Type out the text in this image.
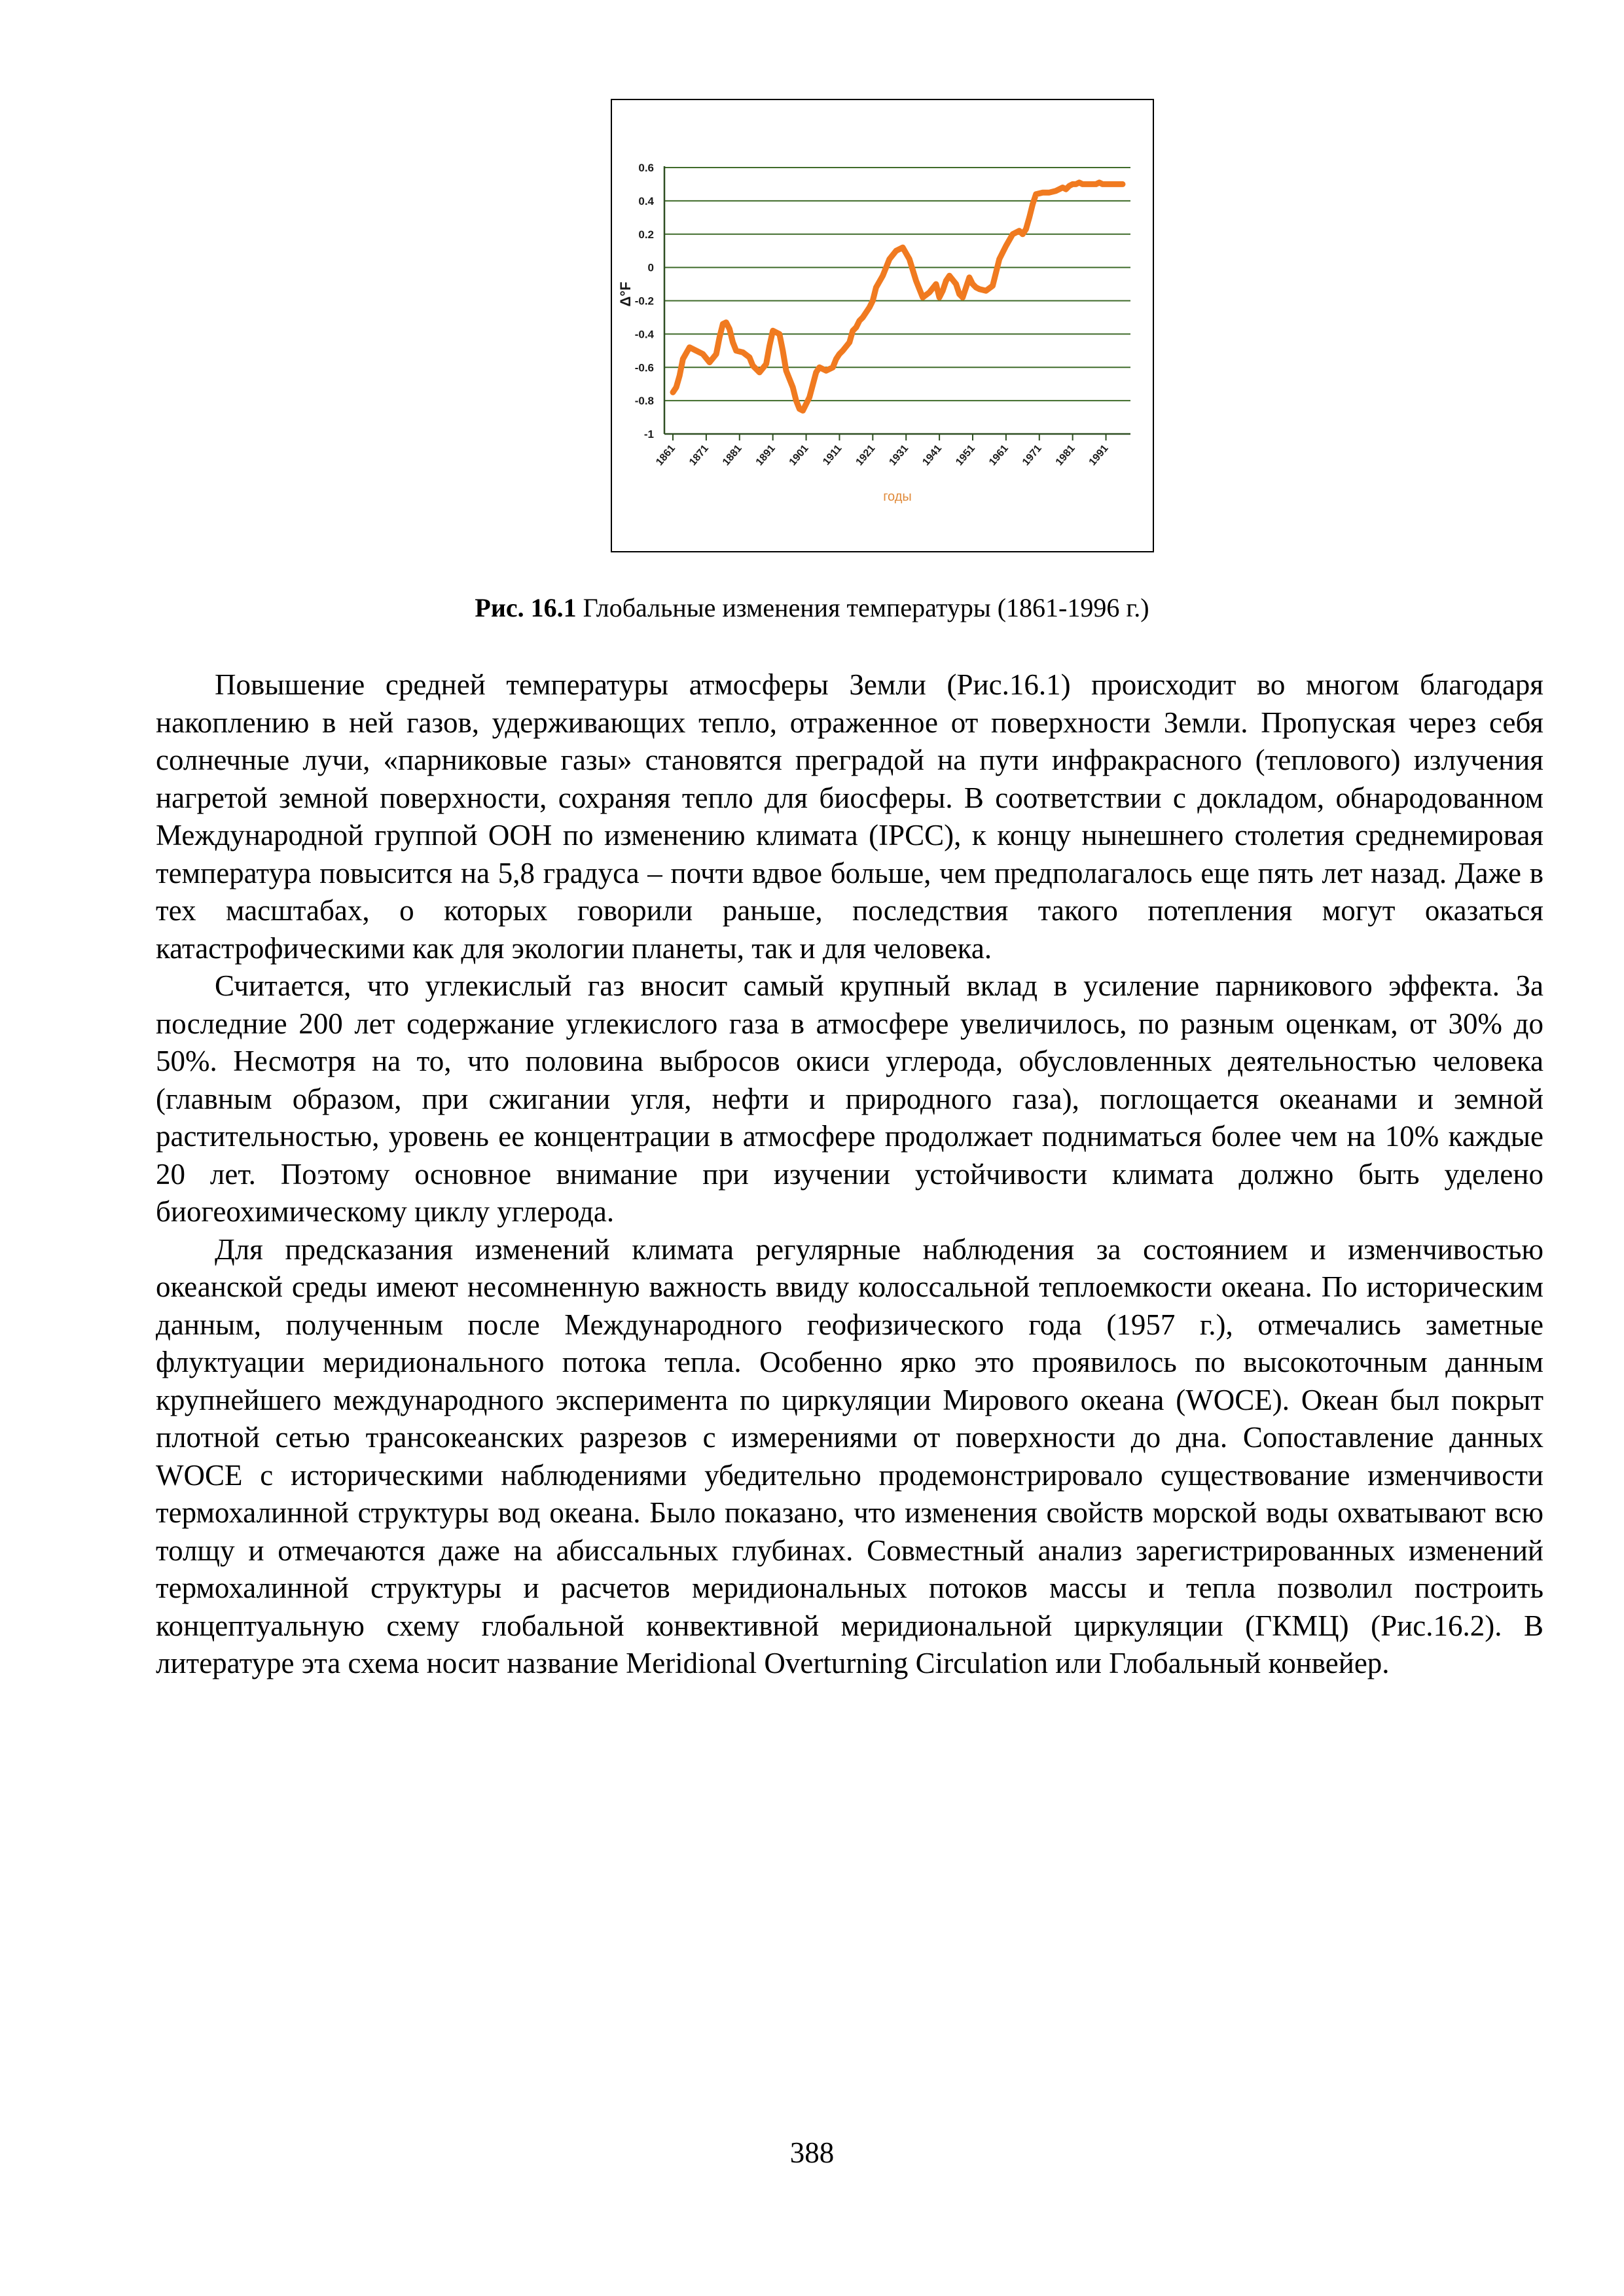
0.6
0.4
0.2
0
-0.2
-0.4
-0.6
-0.8
-1
1861 1871 1881 1891 1901 1911 1921 1931 1941 1951 1961 1971 1981 1991
Δ°F
годы
Рис. 16.1 Глобальные изменения температуры (1861-1996 г.)

Повышение средней температуры атмосферы Земли (Рис.16.1) происходит во многом благодаря накоплению в ней газов, удерживающих тепло, отраженное от поверхности Земли. Пропуская через себя солнечные лучи, «парниковые газы» становятся преградой на пути инфракрасного (теплового) излучения нагретой земной поверхности, сохраняя тепло для биосферы. В соответствии с докладом, обнародованном Международной группой ООН по изменению климата (IPCC), к концу нынешнего столетия среднемировая температура повысится на 5,8 градуса – почти вдвое больше, чем предполагалось еще пять лет назад. Даже в тех масштабах, о которых говорили раньше, последствия такого потепления могут оказаться катастрофическими как для экологии планеты, так и для человека.

Считается, что углекислый газ вносит самый крупный вклад в усиление парникового эффекта. За последние 200 лет содержание углекислого газа в атмосфере увеличилось, по разным оценкам, от 30% до 50%. Несмотря на то, что половина выбросов окиси углерода, обусловленных деятельностью человека (главным образом, при сжигании угля, нефти и природного газа), поглощается океанами и земной растительностью, уровень ее концентрации в атмосфере продолжает подниматься более чем на 10% каждые 20 лет. Поэтому основное внимание при изучении устойчивости климата должно быть уделено биогеохимическому циклу углерода.

Для предсказания изменений климата регулярные наблюдения за состоянием и изменчивостью океанской среды имеют несомненную важность ввиду колоссальной теплоемкости океана. По историческим данным, полученным после Международного геофизического года (1957 г.), отмечались заметные флуктуации меридионального потока тепла. Особенно ярко это проявилось по высокоточным данным крупнейшего международного эксперимента по циркуляции Мирового океана (WOCE). Океан был покрыт плотной сетью трансокеанских разрезов с измерениями от поверхности до дна. Сопоставление данных WOCE с историческими наблюдениями убедительно продемонстрировало существование изменчивости термохалинной структуры вод океана. Было показано, что изменения свойств морской воды охватывают всю толщу и отмечаются даже на абиссальных глубинах. Совместный анализ зарегистрированных изменений термохалинной структуры и расчетов меридиональных потоков массы и тепла позволил построить концептуальную схему глобальной конвективной меридиональной циркуляции (ГКМЦ) (Рис.16.2). В литературе эта схема носит название Meridional Overturning Circulation или Глобальный конвейер.

388
